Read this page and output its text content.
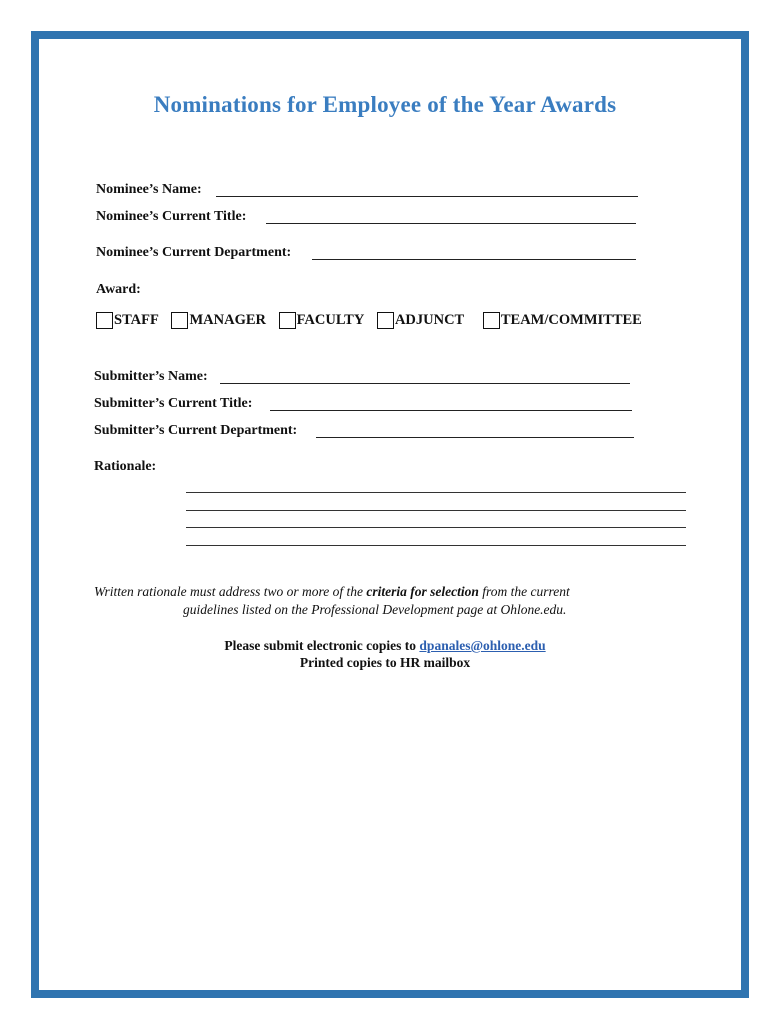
Nominations for Employee of the Year Awards
Nominee’s Name:
Nominee’s Current Title:
Nominee’s Current Department:
Award:
STAFF
MANAGER
FACULTY
ADJUNCT
	TEAM/COMMITTEE
Submitter’s Name:
Submitter’s Current Title:
Submitter’s Current Department:
Rationale:
Written rationale must address two or more of the criteria for selection from the current
guidelines listed on the Professional Development page at Ohlone.edu.
Please submit electronic copies to dpanales@ohlone.edu
Printed copies to HR mailbox
